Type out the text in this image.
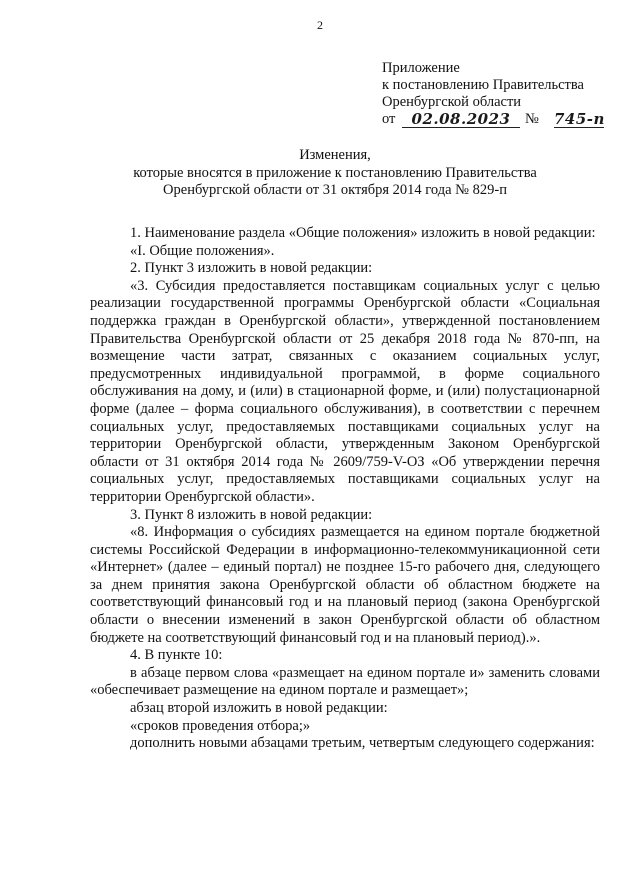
2
Приложение
к постановлению Правительства
Оренбургской области
от	02.08.2023	№ 745-п
Изменения,
которые вносятся в приложение к постановлению Правительства
Оренбургской области от 31 октября 2014 года № 829-п

1. Наименование раздела «Общие положения» изложить в новой редакции:

«I. Общие положения».

2. Пункт 3 изложить в новой редакции:

«3. Субсидия предоставляется поставщикам социальных услуг с целью реализации государственной программы Оренбургской области «Социальная поддержка граждан в Оренбургской области», утвержденной постановлением Правительства Оренбургской области от 25 декабря 2018 года № 870-пп, на возмещение части затрат, связанных с оказанием социальных услуг, предусмотренных индивидуальной программой, в форме социального обслуживания на дому, и (или) в стационарной форме, и (или) полустационарной форме (далее – форма социального обслуживания), в соответствии с перечнем социальных услуг, предоставляемых поставщиками социальных услуг на территории Оренбургской области, утвержденным Законом Оренбургской области от 31 октября 2014 года № 2609/759-V-ОЗ «Об утверждении перечня социальных услуг, предоставляемых поставщиками социальных услуг на территории Оренбургской области».

3. Пункт 8 изложить в новой редакции:

«8. Информация о субсидиях размещается на едином портале бюджетной системы Российской Федерации в информационно-телекоммуникационной сети «Интернет» (далее – единый портал) не позднее 15-го рабочего дня, следующего за днем принятия закона Оренбургской области об областном бюджете на соответствующий финансовый год и на плановый период (закона Оренбургской области о внесении изменений в закон Оренбургской области об областном бюджете на соответствующий финансовый год и на плановый период).».

4. В пункте 10:

в абзаце первом слова «размещает на едином портале и» заменить словами «обеспечивает размещение на едином портале и размещает»;

абзац второй изложить в новой редакции:

«сроков проведения отбора;»

дополнить новыми абзацами третьим, четвертым следующего содержания:
